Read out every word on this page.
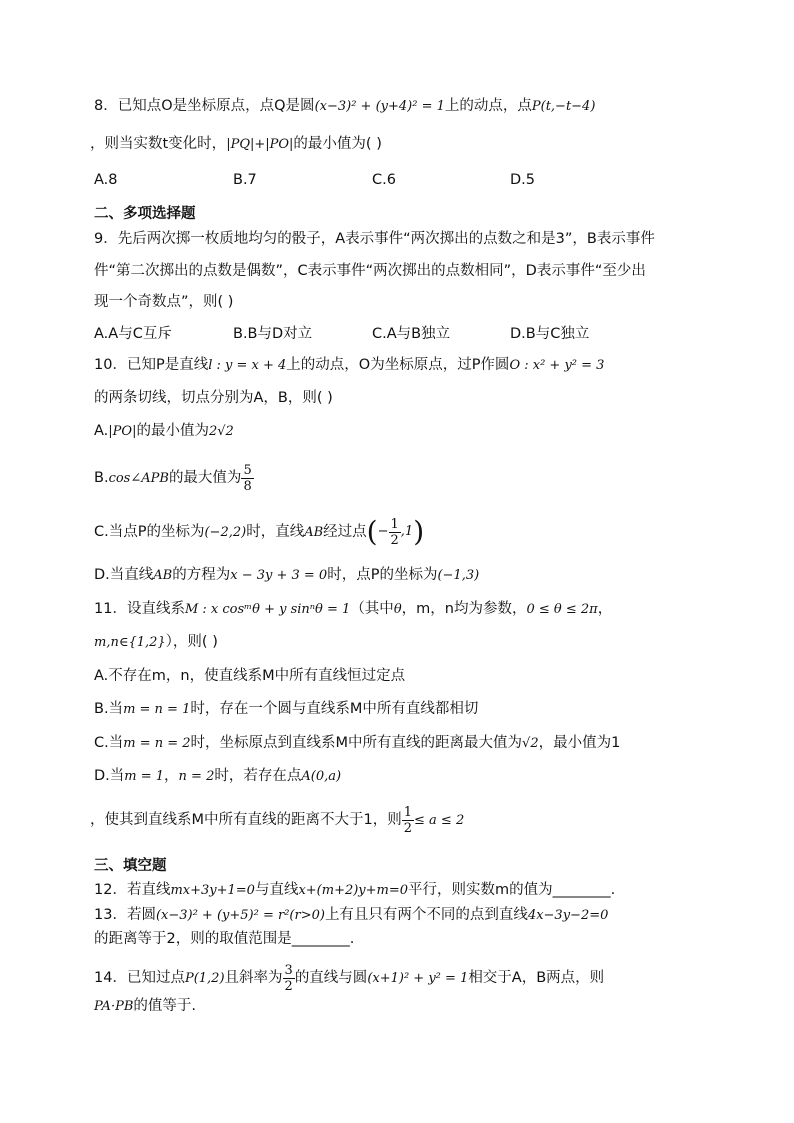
8．已知点O是坐标原点，点Q是圆(x−3)² + (y+4)² = 1上的动点，点P(t,−t−4)
，则当实数t变化时，|PQ|+|PO|的最小值为( )
A.8	B.7	C.6	D.5
二、多项选择题
9．先后两次掷一枚质地均匀的骰子，A表示事件“两次掷出的点数之和是3”，B表示事件
件“第二次掷出的点数是偶数”，C表示事件“两次掷出的点数相同”，D表示事件“至少出
现一个奇数点”，则( )
A.A与C互斥	B.B与D对立	C.A与B独立	D.B与C独立
10．已知P是直线l : y = x + 4上的动点，O为坐标原点，过P作圆O : x² + y² = 3
的两条切线，切点分别为A，B，则( )
A.|PO|的最小值为2√2
B.cos∠APB的最大值为 $\frac{5}{8}$
C.当点P的坐标为(−2,2)时，直线AB经过点(− $\frac{1}{2} ,1$)
D.当直线AB的方程为x − 3y + 3 = 0时，点P的坐标为(−1,3)
11．设直线系M : x cosᵐθ + y sinⁿθ = 1（其中θ，m，n均为参数，0 ≤ θ ≤ 2π，
m,n∈{1,2}），则( )
A.不存在m，n，使直线系M中所有直线恒过定点
B.当m = n = 1时，存在一个圆与直线系M中所有直线都相切
C.当m = n = 2时，坐标原点到直线系M中所有直线的距离最大值为√2，最小值为1
D.当m = 1，n = 2时，若存在点A(0,a)
，使其到直线系M中所有直线的距离不大于1，则 $\frac{1}{2} \le a \le 2$
三、填空题
12．若直线mx+3y+1=0与直线x+(m+2)y+m=0平行，则实数m的值为________.
13．若圆(x−3)² + (y+5)² = r²(r>0)上有且只有两个不同的点到直线4x−3y−2=0
的距离等于2，则的取值范围是________.
14．已知过点P(1,2)且斜率为 $\frac{3}{2}$ 的直线与圆(x+1)² + y² = 1相交于A，B两点，则
PA·PB的值等于.
